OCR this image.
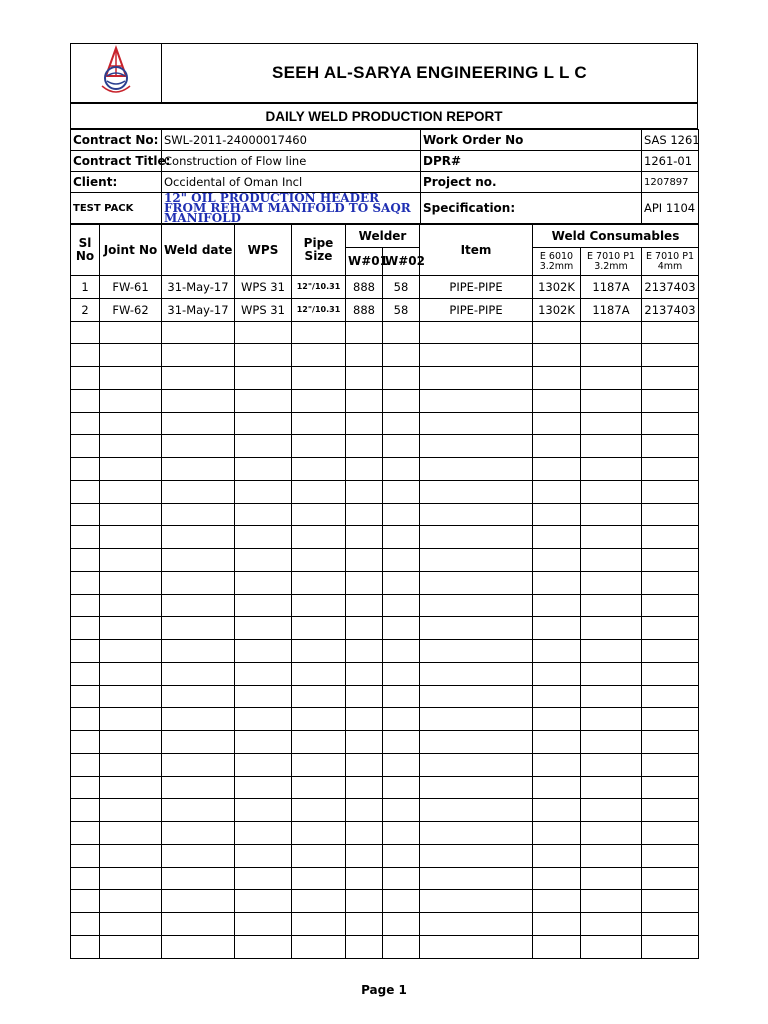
	SEEH AL-SARYA ENGINEERING L L C
DAILY WELD PRODUCTION REPORT
Contract No:	SWL-2011-24000017460	Work Order No	SAS 1261
Contract Title:	Construction of Flow line	DPR#	1261-01
Client:	Occidental of Oman Incl	Project no.	1207897
TEST PACK	12" OIL PRODUCTION HEADER FROM REHAM MANIFOLD TO SAQR MANIFOLD	Specification:	API 1104
Sl No	Joint No	Weld date	WPS	Pipe Size	Welder		Item	Weld Consumables		
					W#01	W#02		E 6010 3.2mm	E 7010 P1 3.2mm	E 7010 P1 4mm
1	FW-61	31-May-17	WPS 31	12"/10.31	888	58	PIPE-PIPE	1302K	1187A	2137403
2	FW-62	31-May-17	WPS 31	12"/10.31	888	58	PIPE-PIPE	1302K	1187A	2137403

Page 1
